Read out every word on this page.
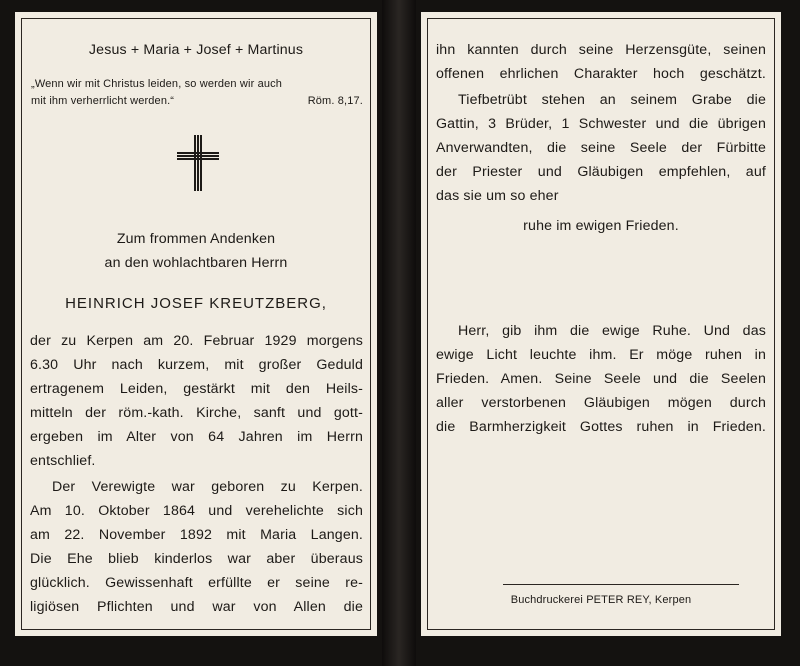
Jesus + Maria + Josef + Martinus
„Wenn wir mit Christus leiden, so werden wir auch
mit ihm verherrlicht werden.“	Röm. 8,17.
Zum frommen Andenken
an den wohlachtbaren Herrn
HEINRICH JOSEF KREUTZBERG,
der zu Kerpen am 20. Februar 1929 morgens
6.30 Uhr nach kurzem, mit großer Geduld
ertragenem Leiden, gestärkt mit den Heils-
mitteln der röm.-kath. Kirche, sanft und gott-
ergeben im Alter von 64 Jahren im Herrn
entschlief.
Der Verewigte war geboren zu Kerpen.
Am 10. Oktober 1864 und verehelichte sich
am 22. November 1892 mit Maria Langen.
Die Ehe blieb kinderlos war aber überaus
glücklich. Gewissenhaft erfüllte er seine re-
ligiösen Pflichten und war von Allen die
ihn kannten durch seine Herzensgüte, seinen
offenen ehrlichen Charakter hoch geschätzt.
Tiefbetrübt stehen an seinem Grabe die
Gattin, 3 Brüder, 1 Schwester und die übrigen
Anverwandten, die seine Seele der Fürbitte
der Priester und Gläubigen empfehlen, auf
das sie um so eher
ruhe im ewigen Frieden.
Herr, gib ihm die ewige Ruhe. Und das
ewige Licht leuchte ihm. Er möge ruhen in
Frieden. Amen. Seine Seele und die Seelen
aller verstorbenen Gläubigen mögen durch
die Barmherzigkeit Gottes ruhen in Frieden.
Buchdruckerei PETER REY, Kerpen
